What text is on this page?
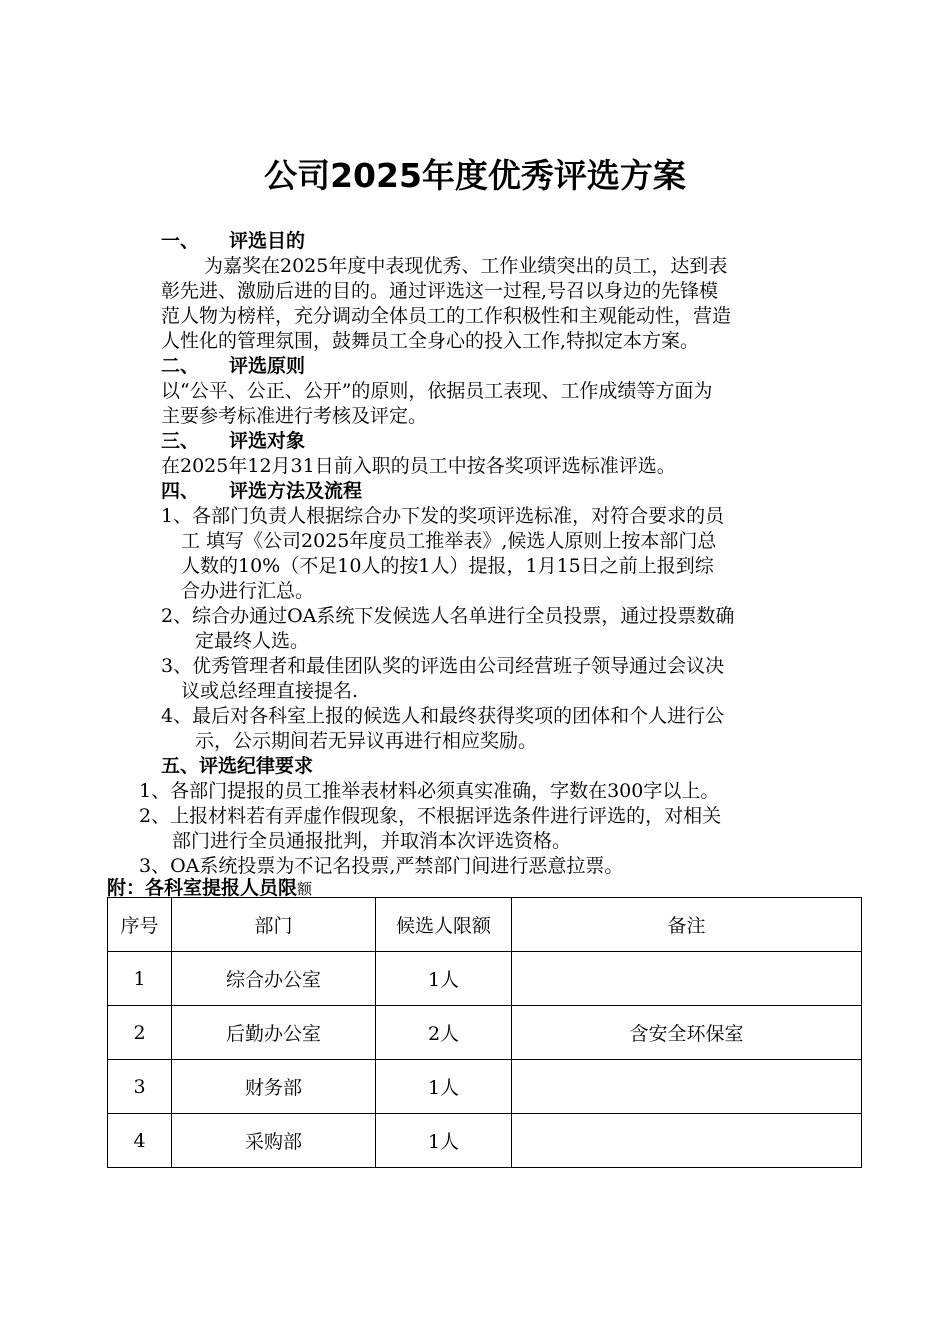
公司2025年度优秀评选方案
一、 评选目的
为嘉奖在2025年度中表现优秀、工作业绩突出的员工，达到表
彰先进、激励后进的目的。通过评选这一过程,号召以身边的先锋模
范人物为榜样，充分调动全体员工的工作积极性和主观能动性，营造
人性化的管理氛围，鼓舞员工全身心的投入工作,特拟定本方案。
二、 评选原则
以“公平、公正、公开”的原则，依据员工表现、工作成绩等方面为
主要参考标准进行考核及评定。
三、 评选对象
在2025年12月31日前入职的员工中按各奖项评选标准评选。
四、 评选方法及流程
1、各部门负责人根据综合办下发的奖项评选标准，对符合要求的员
工 填写《公司2025年度员工推举表》,候选人原则上按本部门总
人数的10%（不足10人的按1人）提报，1月15日之前上报到综
合办进行汇总。
2、综合办通过OA系统下发候选人名单进行全员投票，通过投票数确
定最终人选。
3、优秀管理者和最佳团队奖的评选由公司经营班子领导通过会议决
议或总经理直接提名.
4、最后对各科室上报的候选人和最终获得奖项的团体和个人进行公
示，公示期间若无异议再进行相应奖励。
五、评选纪律要求
1、各部门提报的员工推举表材料必须真实准确，字数在300字以上。
2、上报材料若有弄虚作假现象，不根据评选条件进行评选的，对相关
部门进行全员通报批判，并取消本次评选资格。
3、OA系统投票为不记名投票,严禁部门间进行恶意拉票。
附：各科室提报人员限额
序号	部门	候选人限额	备注
1	综合办公室	1人	
2	后勤办公室	2人	含安全环保室
3	财务部	1人	
4	采购部	1人	
